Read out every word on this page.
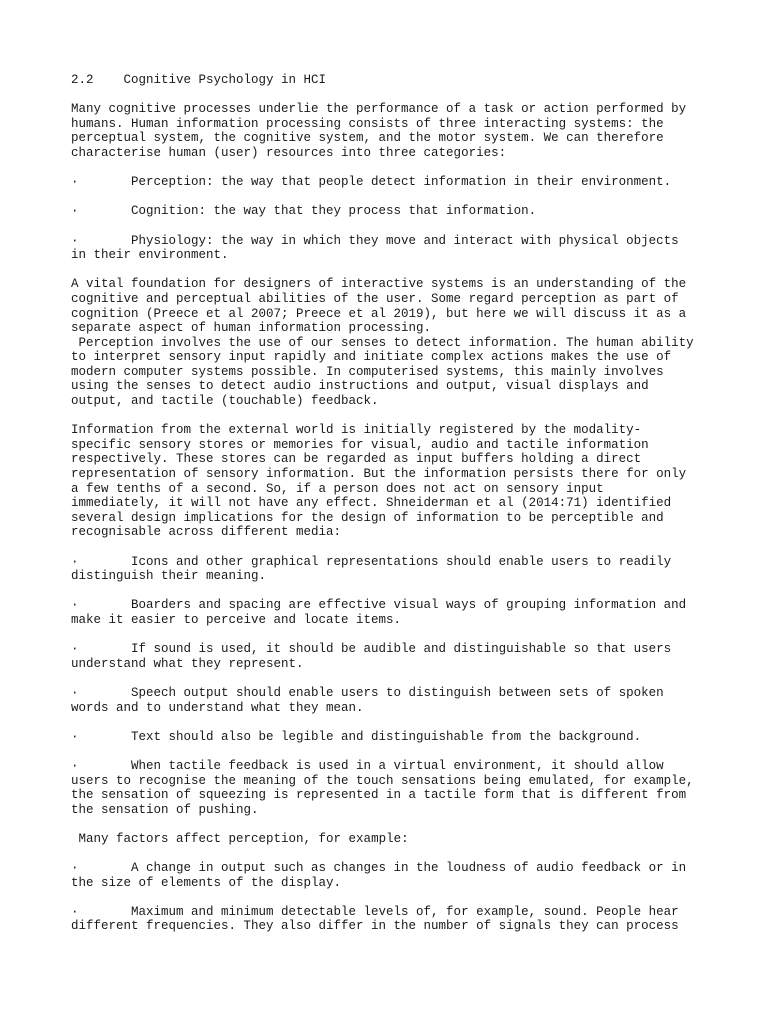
2.2    Cognitive Psychology in HCI

Many cognitive processes underlie the performance of a task or action performed by
humans. Human information processing consists of three interacting systems: the
perceptual system, the cognitive system, and the motor system. We can therefore
characterise human (user) resources into three categories:

·       Perception: the way that people detect information in their environment.

·       Cognition: the way that they process that information.

·       Physiology: the way in which they move and interact with physical objects
in their environment.

A vital foundation for designers of interactive systems is an understanding of the
cognitive and perceptual abilities of the user. Some regard perception as part of
cognition (Preece et al 2007; Preece et al 2019), but here we will discuss it as a
separate aspect of human information processing.
Perception involves the use of our senses to detect information. The human ability
to interpret sensory input rapidly and initiate complex actions makes the use of
modern computer systems possible. In computerised systems, this mainly involves
using the senses to detect audio instructions and output, visual displays and
output, and tactile (touchable) feedback.

Information from the external world is initially registered by the modality-
specific sensory stores or memories for visual, audio and tactile information
respectively. These stores can be regarded as input buffers holding a direct
representation of sensory information. But the information persists there for only
a few tenths of a second. So, if a person does not act on sensory input
immediately, it will not have any effect. Shneiderman et al (2014:71) identified
several design implications for the design of information to be perceptible and
recognisable across different media:

·       Icons and other graphical representations should enable users to readily
distinguish their meaning.

·       Boarders and spacing are effective visual ways of grouping information and
make it easier to perceive and locate items.

·       If sound is used, it should be audible and distinguishable so that users
understand what they represent.

·       Speech output should enable users to distinguish between sets of spoken
words and to understand what they mean.

·       Text should also be legible and distinguishable from the background.

·       When tactile feedback is used in a virtual environment, it should allow
users to recognise the meaning of the touch sensations being emulated, for example,
the sensation of squeezing is represented in a tactile form that is different from
the sensation of pushing.

Many factors affect perception, for example:

·       A change in output such as changes in the loudness of audio feedback or in
the size of elements of the display.

·       Maximum and minimum detectable levels of, for example, sound. People hear
different frequencies. They also differ in the number of signals they can process
